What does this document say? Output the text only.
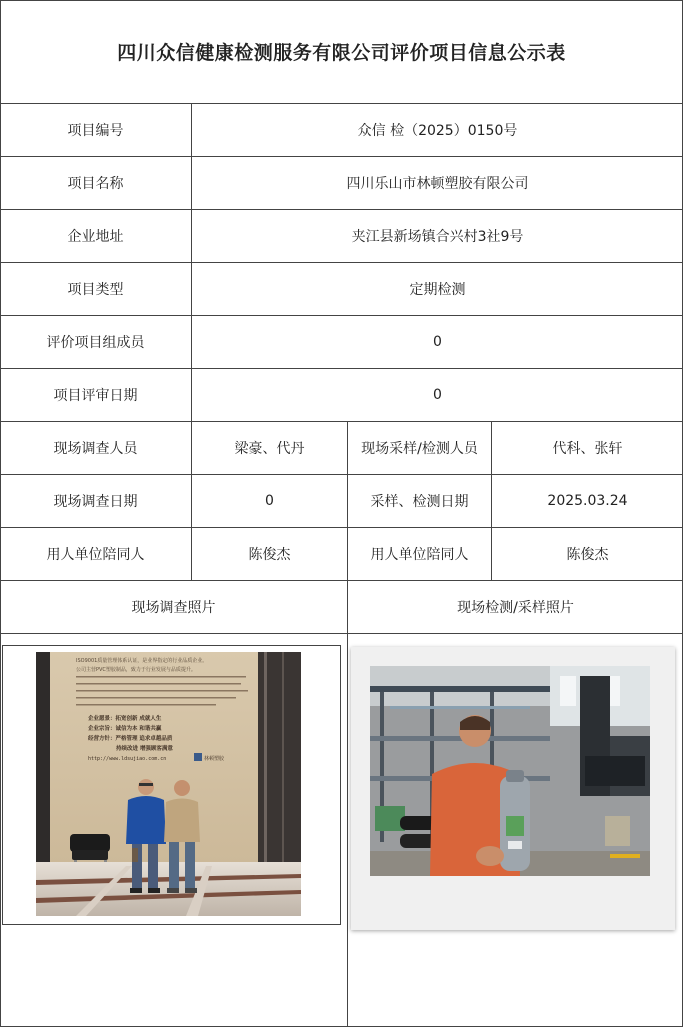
四川众信健康检测服务有限公司评价项目信息公示表
项目编号	众信 检（2025）0150号
项目名称	四川乐山市林顿塑胶有限公司
企业地址	夹江县新场镇合兴村3社9号
项目类型	定期检测
评价项目组成员	0
项目评审日期	0
现场调查人员	梁豪、代丹	现场采样/检测人员	代科、张轩
现场调查日期	0	采样、检测日期	2025.03.24
用人单位陪同人	陈俊杰	用人单位陪同人	陈俊杰
现场调查照片	现场检测/采样照片
ISO9001质量管理体系认证，是业界指定的行业品质企业。
公司主营PVC塑胶制品，致力于行业发展与品质提升。
企业愿景：拓宽创新 成就人生
企业宗旨：诚信为本 和谐共赢
经营方针：严格管理 追求卓越品质
持续改进 增强顾客满意
http://www.ldsujiao.com.cn	林顿塑胶
